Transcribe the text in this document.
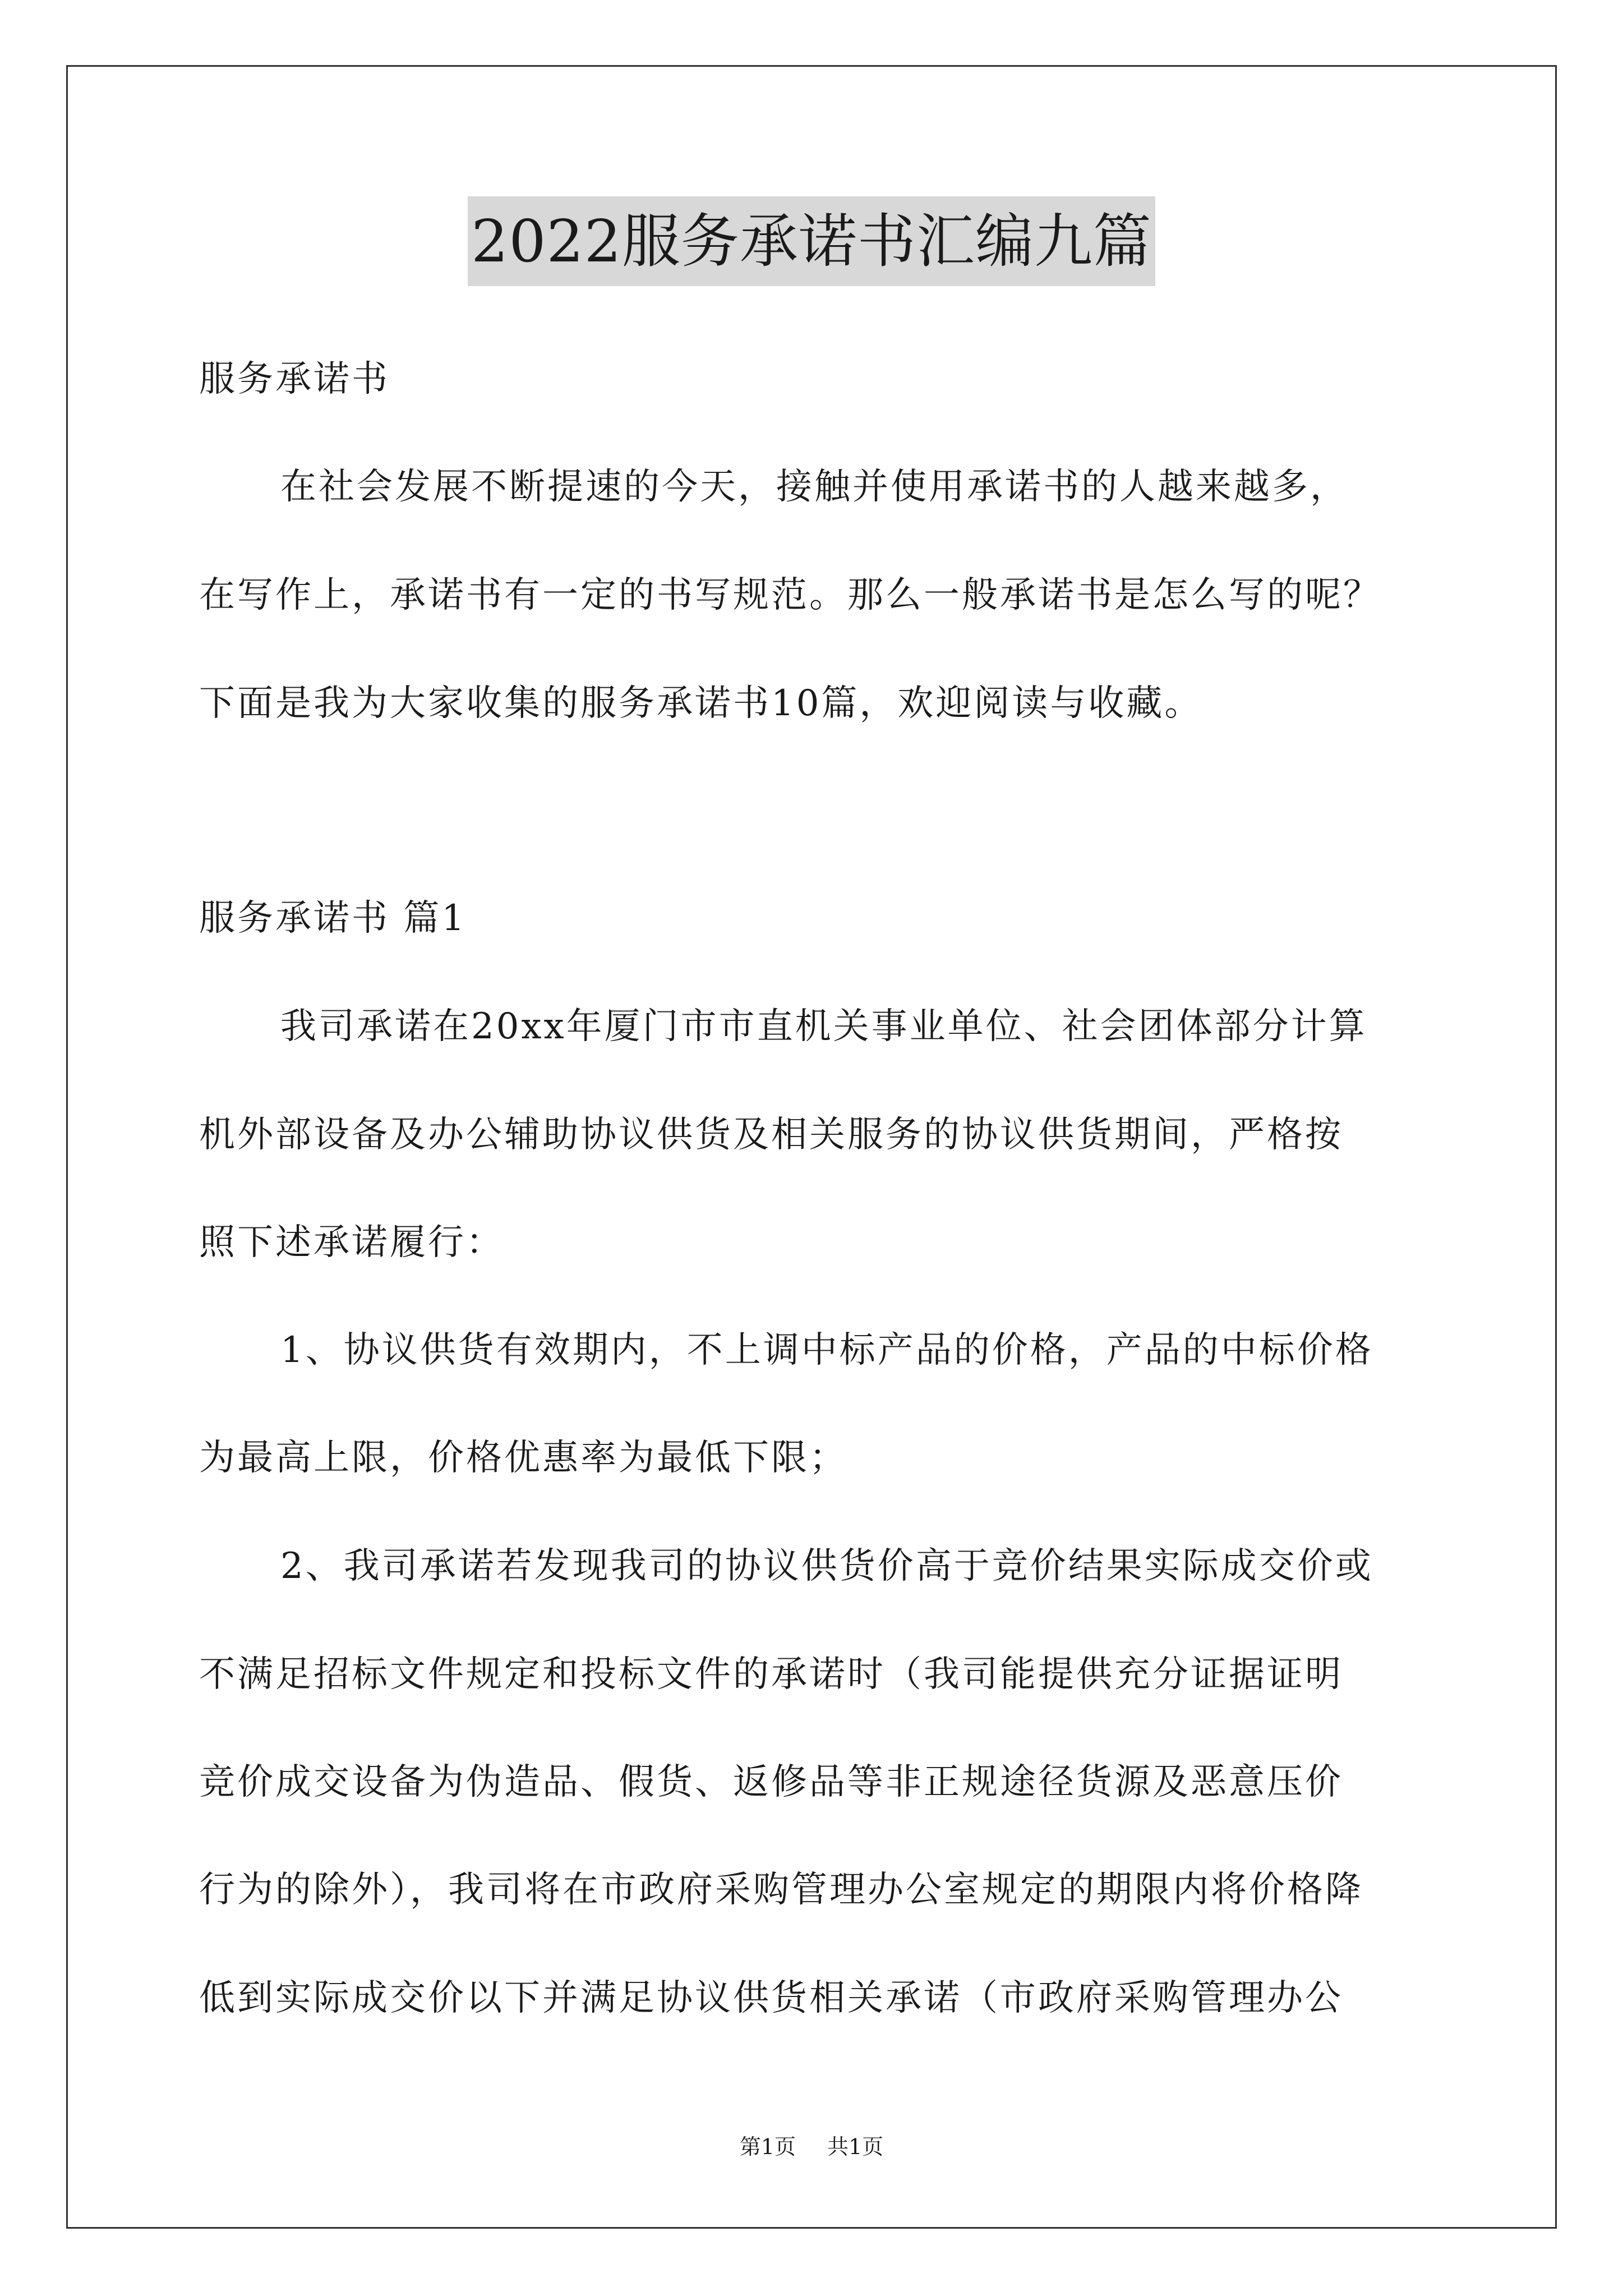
2022服务承诺书汇编九篇
服务承诺书
在社会发展不断提速的今天，接触并使用承诺书的人越来越多，
在写作上，承诺书有一定的书写规范。那么一般承诺书是怎么写的呢？
下面是我为大家收集的服务承诺书10篇，欢迎阅读与收藏。
服务承诺书 篇1
我司承诺在20xx年厦门市市直机关事业单位、社会团体部分计算
机外部设备及办公辅助协议供货及相关服务的协议供货期间，严格按
照下述承诺履行：
1、协议供货有效期内，不上调中标产品的价格，产品的中标价格
为最高上限，价格优惠率为最低下限；
2、我司承诺若发现我司的协议供货价高于竞价结果实际成交价或
不满足招标文件规定和投标文件的承诺时（我司能提供充分证据证明
竞价成交设备为伪造品、假货、返修品等非正规途径货源及恶意压价
行为的除外），我司将在市政府采购管理办公室规定的期限内将价格降
低到实际成交价以下并满足协议供货相关承诺（市政府采购管理办公
第1页 共1页
